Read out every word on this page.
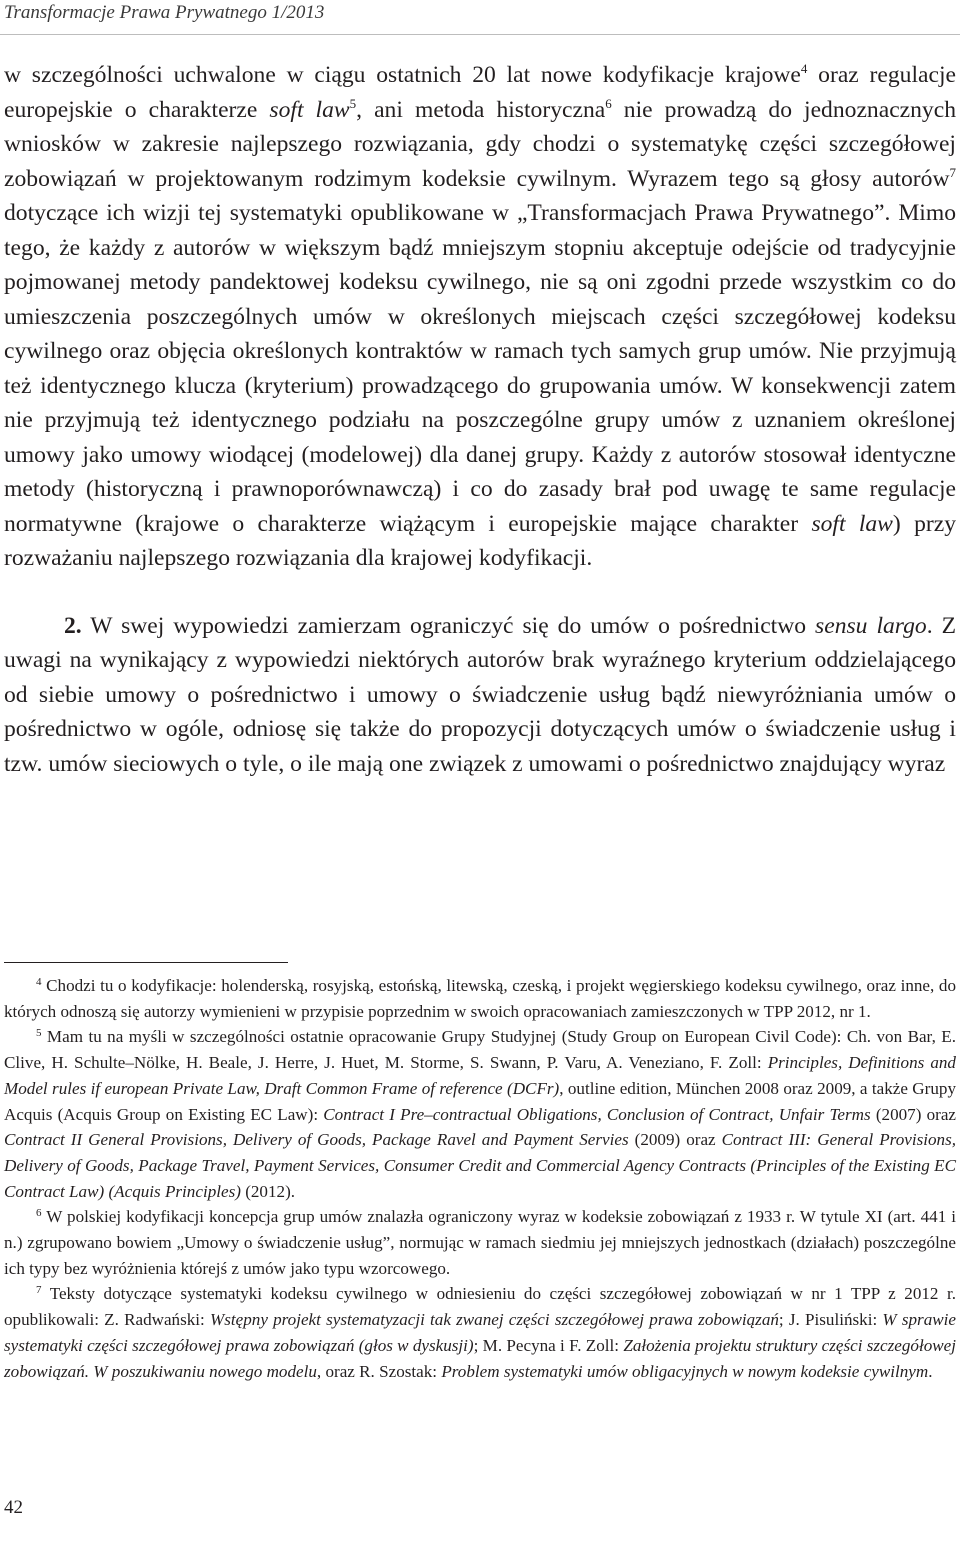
Transformacje Prawa Prywatnego 1/2013

w szczególności uchwalone w ciągu ostatnich 20 lat nowe kodyfikacje krajowe$^4$ oraz regulacje europejskie o charakterze soft law$^5$, ani metoda historyczna$^6$ nie prowadzą do jednoznacznych wniosków w zakresie najlepszego rozwiązania, gdy chodzi o systematykę części szczegółowej zobowiązań w projektowanym rodzimym kodeksie cywilnym. Wyrazem tego są głosy autorów$^7$ dotyczące ich wizji tej systematyki opublikowane w „Transformacjach Prawa Prywatnego”. Mimo tego, że każdy z autorów w większym bądź mniejszym stopniu akceptuje odejście od tradycyjnie pojmowanej metody pandektowej kodeksu cywilnego, nie są oni zgodni przede wszystkim co do umieszczenia poszczególnych umów w określonych miejscach części szczegółowej kodeksu cywilnego oraz objęcia określonych kontraktów w ramach tych samych grup umów. Nie przyjmują też identycznego klucza (kryterium) prowadzącego do grupowania umów. W konsekwencji zatem nie przyjmują też identycznego podziału na poszczególne grupy umów z uznaniem określonej umowy jako umowy wiodącej (modelowej) dla danej grupy. Każdy z autorów stosował identyczne metody (historyczną i prawnoporównawczą) i co do zasady brał pod uwagę te same regulacje normatywne (krajowe o charakterze wiążącym i europejskie mające charakter soft law) przy rozważaniu najlepszego rozwiązania dla krajowej kodyfikacji.

2. W swej wypowiedzi zamierzam ograniczyć się do umów o pośrednictwo sensu largo. Z uwagi na wynikający z wypowiedzi niektórych autorów brak wyraźnego kryterium oddzielającego od siebie umowy o pośrednictwo i umowy o świadczenie usług bądź niewyróżniania umów o pośrednictwo w ogóle, odniosę się także do propozycji dotyczących umów o świadczenie usług i tzw. umów sieciowych o tyle, o ile mają one związek z umowami o pośrednictwo znajdujący wyraz

$^4$ Chodzi tu o kodyfikacje: holenderską, rosyjską, estońską, litewską, czeską, i projekt węgierskiego kodeksu cywilnego, oraz inne, do których odnoszą się autorzy wymienieni w przypisie poprzednim w swoich opracowaniach zamieszczonych w TPP 2012, nr 1.

$^5$ Mam tu na myśli w szczególności ostatnie opracowanie Grupy Studyjnej (Study Group on European Civil Code): Ch. von Bar, E. Clive, H. Schulte–Nölke, H. Beale, J. Herre, J. Huet, M. Storme, S. Swann, P. Varu, A. Veneziano, F. Zoll: Principles, Definitions and Model rules if european Private Law, Draft Common Frame of reference (DCFr), outline edition, München 2008 oraz 2009, a także Grupy Acquis (Acquis Group on Existing EC Law): Contract I Pre–contractual Obligations, Conclusion of Contract, Unfair Terms (2007) oraz Contract II General Provisions, Delivery of Goods, Package Ravel and Payment Servies (2009) oraz Contract III: General Provisions, Delivery of Goods, Package Travel, Payment Services, Consumer Credit and Commercial Agency Contracts (Principles of the Existing EC Contract Law) (Acquis Principles) (2012).

$^6$ W polskiej kodyfikacji koncepcja grup umów znalazła ograniczony wyraz w kodeksie zobowiązań z 1933 r. W tytule XI (art. 441 i n.) zgrupowano bowiem „Umowy o świadczenie usług”, normując w ramach siedmiu jej mniejszych jednostkach (działach) poszczególne ich typy bez wyróżnienia którejś z umów jako typu wzorcowego.

$^7$ Teksty dotyczące systematyki kodeksu cywilnego w odniesieniu do części szczegółowej zobowiązań w nr 1 TPP z 2012 r. opublikowali: Z. Radwański: Wstępny projekt systematyzacji tak zwanej części szczegółowej prawa zobowiązań; J. Pisuliński: W sprawie systematyki części szczegółowej prawa zobowiązań (głos w dyskusji); M. Pecyna i F. Zoll: Założenia projektu struktury części szczegółowej zobowiązań. W poszukiwaniu nowego modelu, oraz R. Szostak: Problem systematyki umów obligacyjnych w nowym kodeksie cywilnym.

42
